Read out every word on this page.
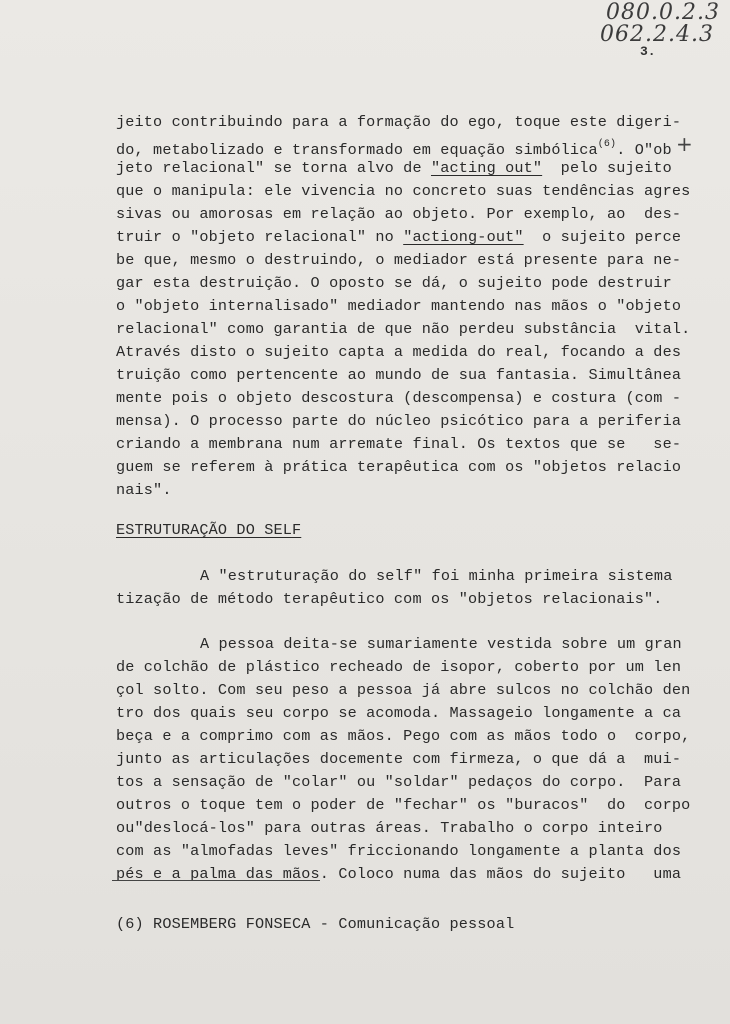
080.0.2.3
062.2.4.3
3.
+
jeito contribuindo para a formação do ego, toque este digeri-
do, metabolizado e transformado em equação simbólica$^{(6)}$. O"ob
jeto relacional" se torna alvo de "acting out"  pelo sujeito
que o manipula: ele vivencia no concreto suas tendências agres
sivas ou amorosas em relação ao objeto. Por exemplo, ao  des-
truir o "objeto relacional" no "actiong-out"  o sujeito perce
be que, mesmo o destruindo, o mediador está presente para ne-
gar esta destruição. O oposto se dá, o sujeito pode destruir
o "objeto internalisado" mediador mantendo nas mãos o "objeto
relacional" como garantia de que não perdeu substância  vital.
Através disto o sujeito capta a medida do real, focando a des
truição como pertencente ao mundo de sua fantasia. Simultânea
mente pois o objeto descostura (descompensa) e costura (com -
mensa). O processo parte do núcleo psicótico para a periferia
criando a membrana num arremate final. Os textos que se   se-
guem se referem à prática terapêutica com os "objetos relacio
nais".
ESTRUTURAÇÃO DO SELF
A "estruturação do self" foi minha primeira sistema
tização de método terapêutico com os "objetos relacionais".
A pessoa deita-se sumariamente vestida sobre um gran
de colchão de plástico recheado de isopor, coberto por um len
çol solto. Com seu peso a pessoa já abre sulcos no colchão den
tro dos quais seu corpo se acomoda. Massageio longamente a ca
beça e a comprimo com as mãos. Pego com as mãos todo o  corpo,
junto as articulações docemente com firmeza, o que dá a  mui-
tos a sensação de "colar" ou "soldar" pedaços do corpo.  Para
outros o toque tem o poder de "fechar" os "buracos"  do  corpo
ou"deslocá-los" para outras áreas. Trabalho o corpo inteiro
com as "almofadas leves" friccionando longamente a planta dos
pés e a palma das mãos. Coloco numa das mãos do sujeito   uma
(6) ROSEMBERG FONSECA - Comunicação pessoal
